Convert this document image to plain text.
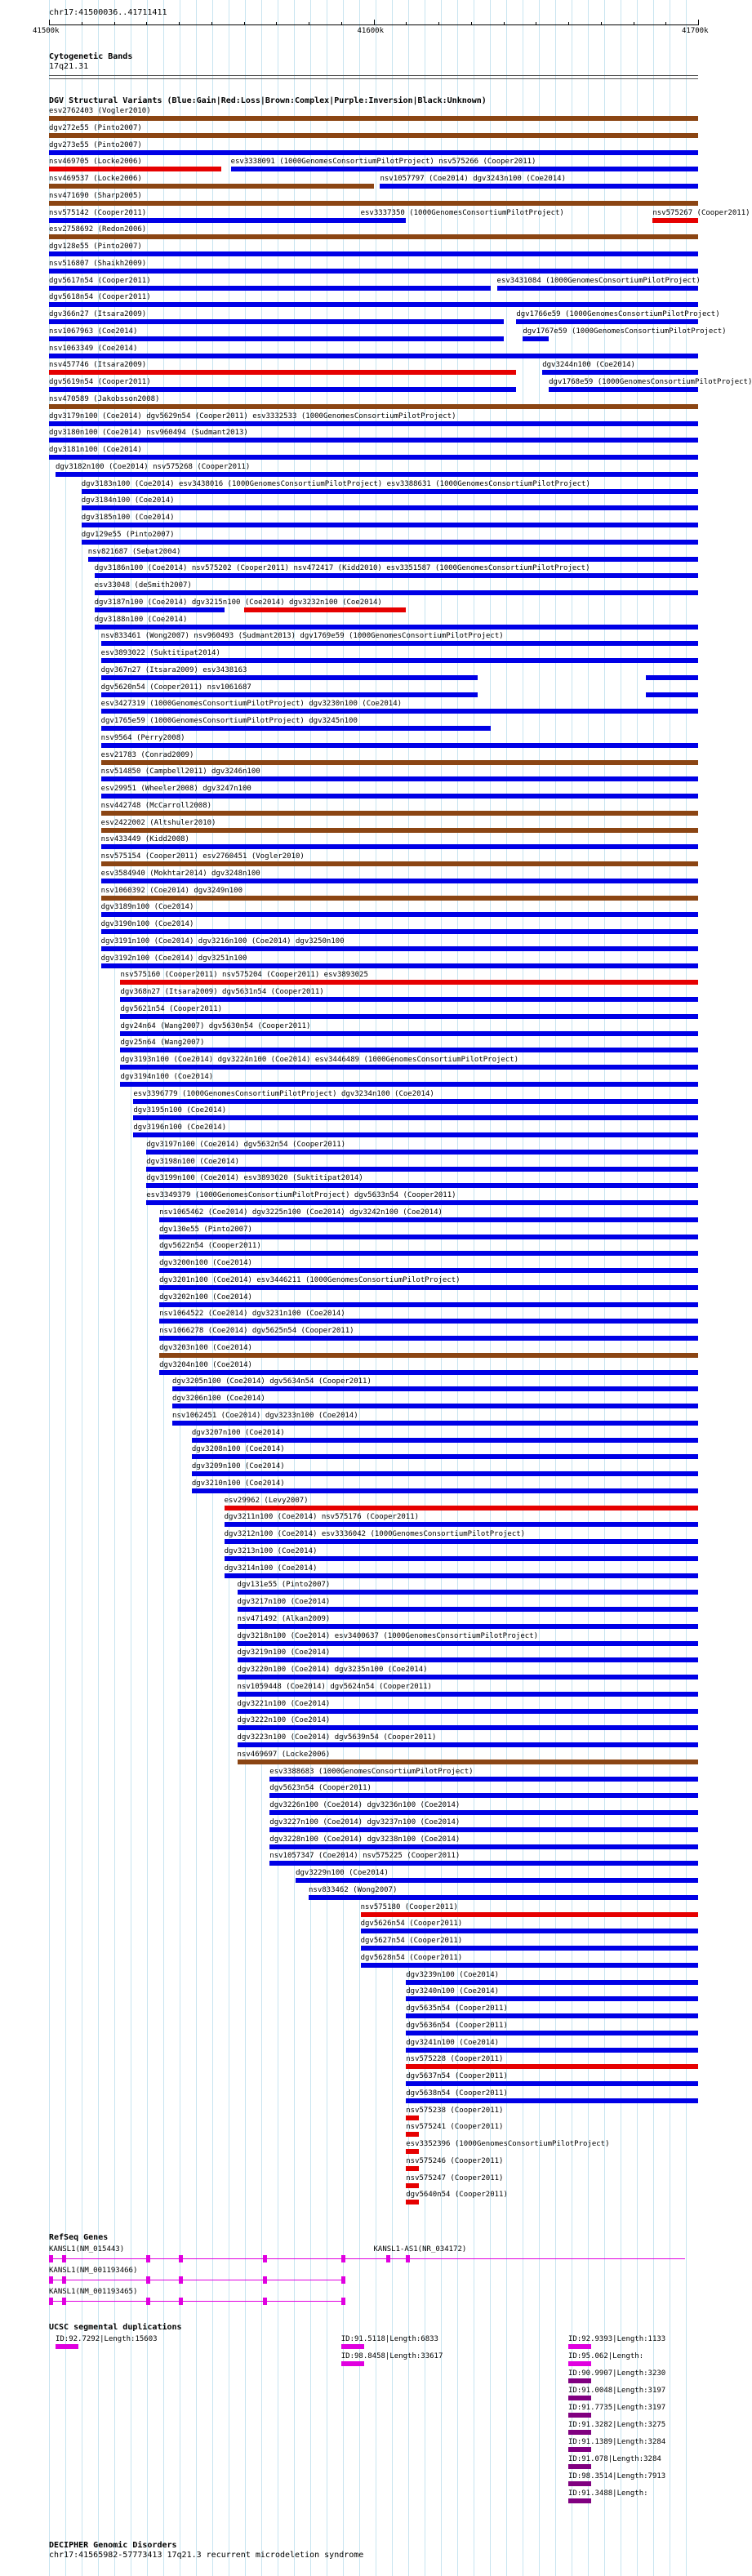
chr17:41500036..41711411
41500k	41600k	41700k
Cytogenetic Bands
17q21.31
DGV Structural Variants (Blue:Gain|Red:Loss|Brown:Complex|Purple:Inversion|Black:Unknown)
esv2762403 (Vogler2010)
dgv272e55 (Pinto2007)
dgv273e55 (Pinto2007)
nsv469705 (Locke2006)	esv3338091 (1000GenomesConsortiumPilotProject) nsv575266 (Cooper2011)
nsv469537 (Locke2006)	nsv1057797 (Coe2014) dgv3243n100 (Coe2014)
nsv471690 (Sharp2005)
nsv575142 (Cooper2011)	esv3337350 (1000GenomesConsortiumPilotProject)	nsv575267 (Cooper2011)
esv2758692 (Redon2006)
dgv128e55 (Pinto2007)
nsv516807 (Shaikh2009)
dgv5617n54 (Cooper2011)	esv3431084 (1000GenomesConsortiumPilotProject)
dgv5618n54 (Cooper2011)
dgv366n27 (Itsara2009)	dgv1766e59 (1000GenomesConsortiumPilotProject)
nsv1067963 (Coe2014)	dgv1767e59 (1000GenomesConsortiumPilotProject)
nsv1063349 (Coe2014)
nsv457746 (Itsara2009)	dgv3244n100 (Coe2014)
dgv5619n54 (Cooper2011)	dgv1768e59 (1000GenomesConsortiumPilotProject)
nsv470589 (Jakobsson2008)
dgv3179n100 (Coe2014) dgv5629n54 (Cooper2011) esv3332533 (1000GenomesConsortiumPilotProject)
dgv3180n100 (Coe2014) nsv960494 (Sudmant2013)
dgv3181n100 (Coe2014)
dgv3182n100 (Coe2014) nsv575268 (Cooper2011)
dgv3183n100 (Coe2014) esv3438016 (1000GenomesConsortiumPilotProject) esv3388631 (1000GenomesConsortiumPilotProject)
dgv3184n100 (Coe2014)
dgv3185n100 (Coe2014)
dgv129e55 (Pinto2007)
nsv821687 (Sebat2004)
dgv3186n100 (Coe2014) nsv575202 (Cooper2011) nsv472417 (Kidd2010) esv3351587 (1000GenomesConsortiumPilotProject)
esv33048 (deSmith2007)
dgv3187n100 (Coe2014) dgv3215n100 (Coe2014) dgv3232n100 (Coe2014)
dgv3188n100 (Coe2014)
nsv833461 (Wong2007) nsv960493 (Sudmant2013) dgv1769e59 (1000GenomesConsortiumPilotProject)
esv3893022 (Suktitipat2014)
dgv367n27 (Itsara2009) esv3438163
dgv5620n54 (Cooper2011) nsv1061687
esv3427319 (1000GenomesConsortiumPilotProject) dgv3230n100 (Coe2014)
dgv1765e59 (1000GenomesConsortiumPilotProject) dgv3245n100
nsv9564 (Perry2008)
esv21783 (Conrad2009)
nsv514850 (Campbell2011) dgv3246n100
esv29951 (Wheeler2008) dgv3247n100
nsv442748 (McCarroll2008)
esv2422002 (Altshuler2010)
nsv433449 (Kidd2008)
nsv575154 (Cooper2011) esv2760451 (Vogler2010)
esv3584940 (Mokhtar2014) dgv3248n100
nsv1060392 (Coe2014) dgv3249n100
dgv3189n100 (Coe2014)
dgv3190n100 (Coe2014)
dgv3191n100 (Coe2014) dgv3216n100 (Coe2014) dgv3250n100
dgv3192n100 (Coe2014) dgv3251n100
nsv575160 (Cooper2011) nsv575204 (Cooper2011) esv3893025
dgv368n27 (Itsara2009) dgv5631n54 (Cooper2011)
dgv5621n54 (Cooper2011)
dgv24n64 (Wang2007) dgv5630n54 (Cooper2011)
dgv25n64 (Wang2007)
dgv3193n100 (Coe2014) dgv3224n100 (Coe2014) esv3446489 (1000GenomesConsortiumPilotProject)
dgv3194n100 (Coe2014)
esv3396779 (1000GenomesConsortiumPilotProject) dgv3234n100 (Coe2014)
dgv3195n100 (Coe2014)
dgv3196n100 (Coe2014)
dgv3197n100 (Coe2014) dgv5632n54 (Cooper2011)
dgv3198n100 (Coe2014)
dgv3199n100 (Coe2014) esv3893020 (Suktitipat2014)
esv3349379 (1000GenomesConsortiumPilotProject) dgv5633n54 (Cooper2011)
nsv1065462 (Coe2014) dgv3225n100 (Coe2014) dgv3242n100 (Coe2014)
dgv130e55 (Pinto2007)
dgv5622n54 (Cooper2011)
dgv3200n100 (Coe2014)
dgv3201n100 (Coe2014) esv3446211 (1000GenomesConsortiumPilotProject)
dgv3202n100 (Coe2014)
nsv1064522 (Coe2014) dgv3231n100 (Coe2014)
nsv1066278 (Coe2014) dgv5625n54 (Cooper2011)
dgv3203n100 (Coe2014)
dgv3204n100 (Coe2014)
dgv3205n100 (Coe2014) dgv5634n54 (Cooper2011)
dgv3206n100 (Coe2014)
nsv1062451 (Coe2014) dgv3233n100 (Coe2014)
dgv3207n100 (Coe2014)
dgv3208n100 (Coe2014)
dgv3209n100 (Coe2014)
dgv3210n100 (Coe2014)
esv29962 (Levy2007)
dgv3211n100 (Coe2014) nsv575176 (Cooper2011)
dgv3212n100 (Coe2014) esv3336042 (1000GenomesConsortiumPilotProject)
dgv3213n100 (Coe2014)
dgv3214n100 (Coe2014)
dgv131e55 (Pinto2007)
dgv3217n100 (Coe2014)
nsv471492 (Alkan2009)
dgv3218n100 (Coe2014) esv3400637 (1000GenomesConsortiumPilotProject)
dgv3219n100 (Coe2014)
dgv3220n100 (Coe2014) dgv3235n100 (Coe2014)
nsv1059448 (Coe2014) dgv5624n54 (Cooper2011)
dgv3221n100 (Coe2014)
dgv3222n100 (Coe2014)
dgv3223n100 (Coe2014) dgv5639n54 (Cooper2011)
nsv469697 (Locke2006)
esv3388683 (1000GenomesConsortiumPilotProject)
dgv5623n54 (Cooper2011)
dgv3226n100 (Coe2014) dgv3236n100 (Coe2014)
dgv3227n100 (Coe2014) dgv3237n100 (Coe2014)
dgv3228n100 (Coe2014) dgv3238n100 (Coe2014)
nsv1057347 (Coe2014) nsv575225 (Cooper2011)
dgv3229n100 (Coe2014)
nsv833462 (Wong2007)
nsv575180 (Cooper2011)
dgv5626n54 (Cooper2011)
dgv5627n54 (Cooper2011)
dgv5628n54 (Cooper2011)
dgv3239n100 (Coe2014)
dgv3240n100 (Coe2014)
dgv5635n54 (Cooper2011)
dgv5636n54 (Cooper2011)
dgv3241n100 (Coe2014)
nsv575228 (Cooper2011)
dgv5637n54 (Cooper2011)
dgv5638n54 (Cooper2011)
nsv575238 (Cooper2011)
nsv575241 (Cooper2011)
esv3352396 (1000GenomesConsortiumPilotProject)
nsv575246 (Cooper2011)
nsv575247 (Cooper2011)
dgv5640n54 (Cooper2011)
RefSeq Genes
KANSL1(NM_015443)	KANSL1-AS1(NR_034172)
KANSL1(NM_001193466)
KANSL1(NM_001193465)
UCSC segmental duplications
ID:92.7292|Length:15603	ID:91.5118|Length:6833	ID:92.9393|Length:1133
ID:98.8458|Length:33617	ID:95.062|Length:
ID:90.9907|Length:3230
ID:91.0048|Length:3197
ID:91.7735|Length:3197
ID:91.3282|Length:3275
ID:91.1389|Length:3284
ID:91.078|Length:3284
ID:98.3514|Length:7913
ID:91.3488|Length:
DECIPHER Genomic Disorders
chr17:41565982-57773413 17q21.3 recurrent microdeletion syndrome
